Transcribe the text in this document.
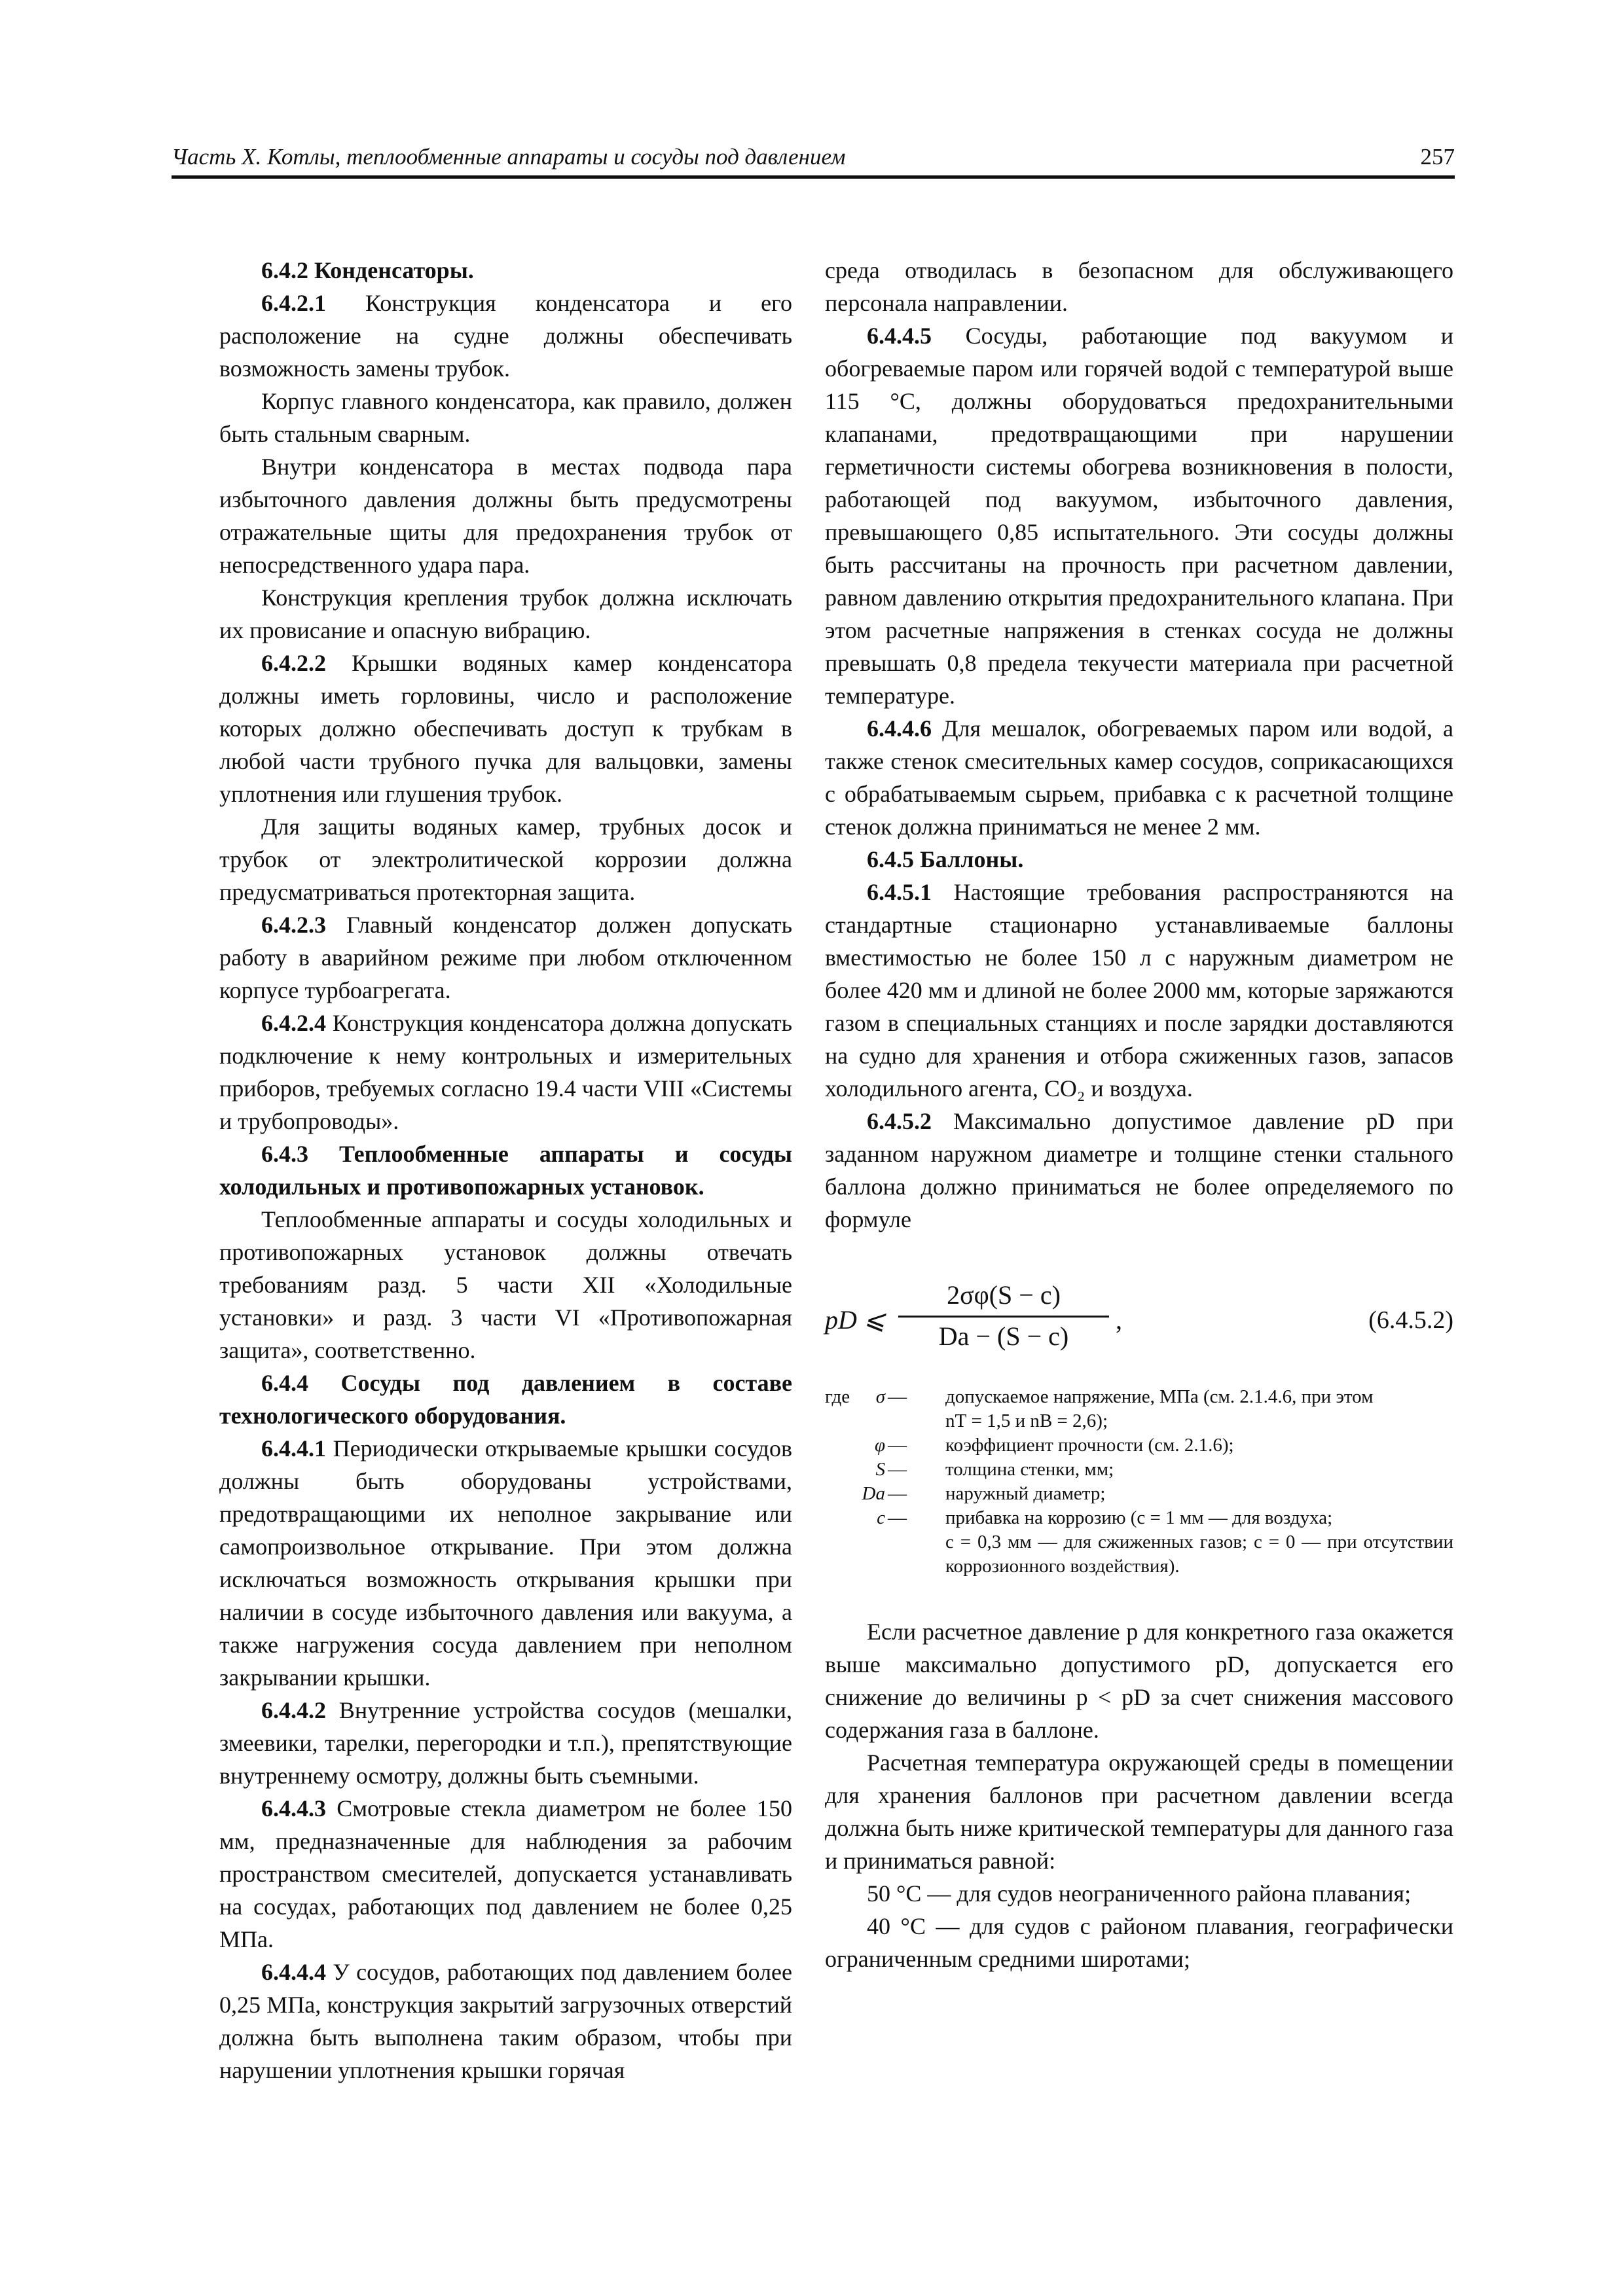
Часть X. Котлы, теплообменные аппараты и сосуды под давлением	257

6.4.2 Конденсаторы.

6.4.2.1 Конструкция конденсатора и его расположение на судне должны обеспечивать возможность замены трубок.

Корпус главного конденсатора, как правило, должен быть стальным сварным.

Внутри конденсатора в местах подвода пара избыточного давления должны быть предусмотрены отражательные щиты для предохранения трубок от непосредственного удара пара.

Конструкция крепления трубок должна исключать их провисание и опасную вибрацию.

6.4.2.2 Крышки водяных камер конденсатора должны иметь горловины, число и расположение которых должно обеспечивать доступ к трубкам в любой части трубного пучка для вальцовки, замены уплотнения или глушения трубок.

Для защиты водяных камер, трубных досок и трубок от электролитической коррозии должна предусматриваться протекторная защита.

6.4.2.3 Главный конденсатор должен допускать работу в аварийном режиме при любом отключенном корпусе турбоагрегата.

6.4.2.4 Конструкция конденсатора должна допускать подключение к нему контрольных и измерительных приборов, требуемых согласно 19.4 части VIII «Системы и трубопроводы».

6.4.3 Теплообменные аппараты и сосуды холодильных и противопожарных установок.

Теплообменные аппараты и сосуды холодильных и противопожарных установок должны отвечать требованиям разд. 5 части XII «Холодильные установки» и разд. 3 части VI «Противопожарная защита», соответственно.

6.4.4 Сосуды под давлением в составе технологического оборудования.

6.4.4.1 Периодически открываемые крышки сосудов должны быть оборудованы устройствами, предотвращающими их неполное закрывание или самопроизвольное открывание. При этом должна исключаться возможность открывания крышки при наличии в сосуде избыточного давления или вакуума, а также нагружения сосуда давлением при неполном закрывании крышки.

6.4.4.2 Внутренние устройства сосудов (мешалки, змеевики, тарелки, перегородки и т.п.), препятствующие внутреннему осмотру, должны быть съемными.

6.4.4.3 Смотровые стекла диаметром не более 150 мм, предназначенные для наблюдения за рабочим пространством смесителей, допускается устанавливать на сосудах, работающих под давлением не более 0,25 МПа.

6.4.4.4 У сосудов, работающих под давлением более 0,25 МПа, конструкция закрытий загрузочных отверстий должна быть выполнена таким образом, чтобы при нарушении уплотнения крышки горячая

среда отводилась в безопасном для обслуживающего персонала направлении.

6.4.4.5 Сосуды, работающие под вакуумом и обогреваемые паром или горячей водой с температурой выше 115 °C, должны оборудоваться предохранительными клапанами, предотвращающими при нарушении герметичности системы обогрева возникновения в полости, работающей под вакуумом, избыточного давления, превышающего 0,85 испытательного. Эти сосуды должны быть рассчитаны на прочность при расчетном давлении, равном давлению открытия предохранительного клапана. При этом расчетные напряжения в стенках сосуда не должны превышать 0,8 предела текучести материала при расчетной температуре.

6.4.4.6 Для мешалок, обогреваемых паром или водой, а также стенок смесительных камер сосудов, соприкасающихся с обрабатываемым сырьем, прибавка c к расчетной толщине стенок должна приниматься не менее 2 мм.

6.4.5 Баллоны.

6.4.5.1 Настоящие требования распространяются на стандартные стационарно устанавливаемые баллоны вместимостью не более 150 л с наружным диаметром не более 420 мм и длиной не более 2000 мм, которые заряжаются газом в специальных станциях и после зарядки доставляются на судно для хранения и отбора сжиженных газов, запасов холодильного агента, CO₂ и воздуха.

6.4.5.2 Максимально допустимое давление pD при заданном наружном диаметре и толщине стенки стального баллона должно приниматься не более определяемого по формуле

pD ⩽ $\frac{2\sigma\varphi(S - c)}{Da - (S - c)}$ ,	(6.4.5.2)
где	σ — допускаемое напряжение, МПа (см. 2.1.4.6, при этом
nТ = 1,5 и nВ = 2,6);
φ — коэффициент прочности (см. 2.1.6);
S — толщина стенки, мм;
Da — наружный диаметр;
c — прибавка на коррозию (c = 1 мм — для воздуха;
c = 0,3 мм — для сжиженных газов; c = 0 — при отсутствии коррозионного воздействия).

Если расчетное давление p для конкретного газа окажется выше максимально допустимого pD, допускается его снижение до величины p < pD за счет снижения массового содержания газа в баллоне.

Расчетная температура окружающей среды в помещении для хранения баллонов при расчетном давлении всегда должна быть ниже критической температуры для данного газа и приниматься равной:

50 °C — для судов неограниченного района плавания;

40 °C — для судов с районом плавания, географически ограниченным средними широтами;
